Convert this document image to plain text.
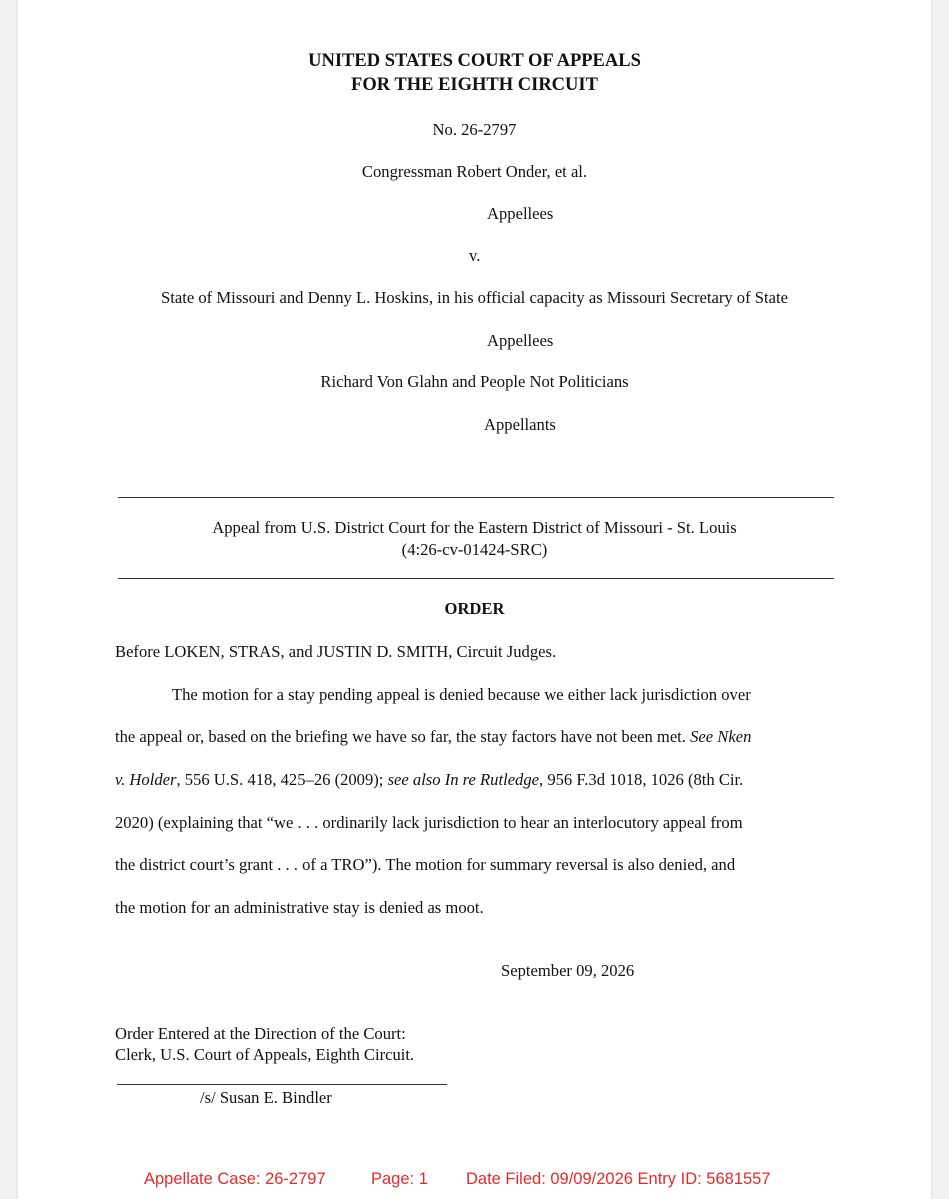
UNITED STATES COURT OF APPEALS
FOR THE EIGHTH CIRCUIT
No. 26-2797
Congressman Robert Onder, et al.
Appellees
v.
State of Missouri and Denny L. Hoskins, in his official capacity as Missouri Secretary of State
Appellees
Richard Von Glahn and People Not Politicians
Appellants
Appeal from U.S. District Court for the Eastern District of Missouri - St. Louis
(4:26-cv-01424-SRC)
ORDER
Before LOKEN, STRAS, and JUSTIN D. SMITH, Circuit Judges.
The motion for a stay pending appeal is denied because we either lack jurisdiction over
the appeal or, based on the briefing we have so far, the stay factors have not been met. See Nken
v. Holder, 556 U.S. 418, 425–26 (2009); see also In re Rutledge, 956 F.3d 1018, 1026 (8th Cir.
2020) (explaining that “we . . . ordinarily lack jurisdiction to hear an interlocutory appeal from
the district court’s grant . . . of a TRO”). The motion for summary reversal is also denied, and
the motion for an administrative stay is denied as moot.
September 09, 2026
Order Entered at the Direction of the Court:
Clerk, U.S. Court of Appeals, Eighth Circuit.
/s/ Susan E. Bindler
Appellate Case: 26-2797	Page: 1 Date Filed: 09/09/2026 Entry ID: 5681557
